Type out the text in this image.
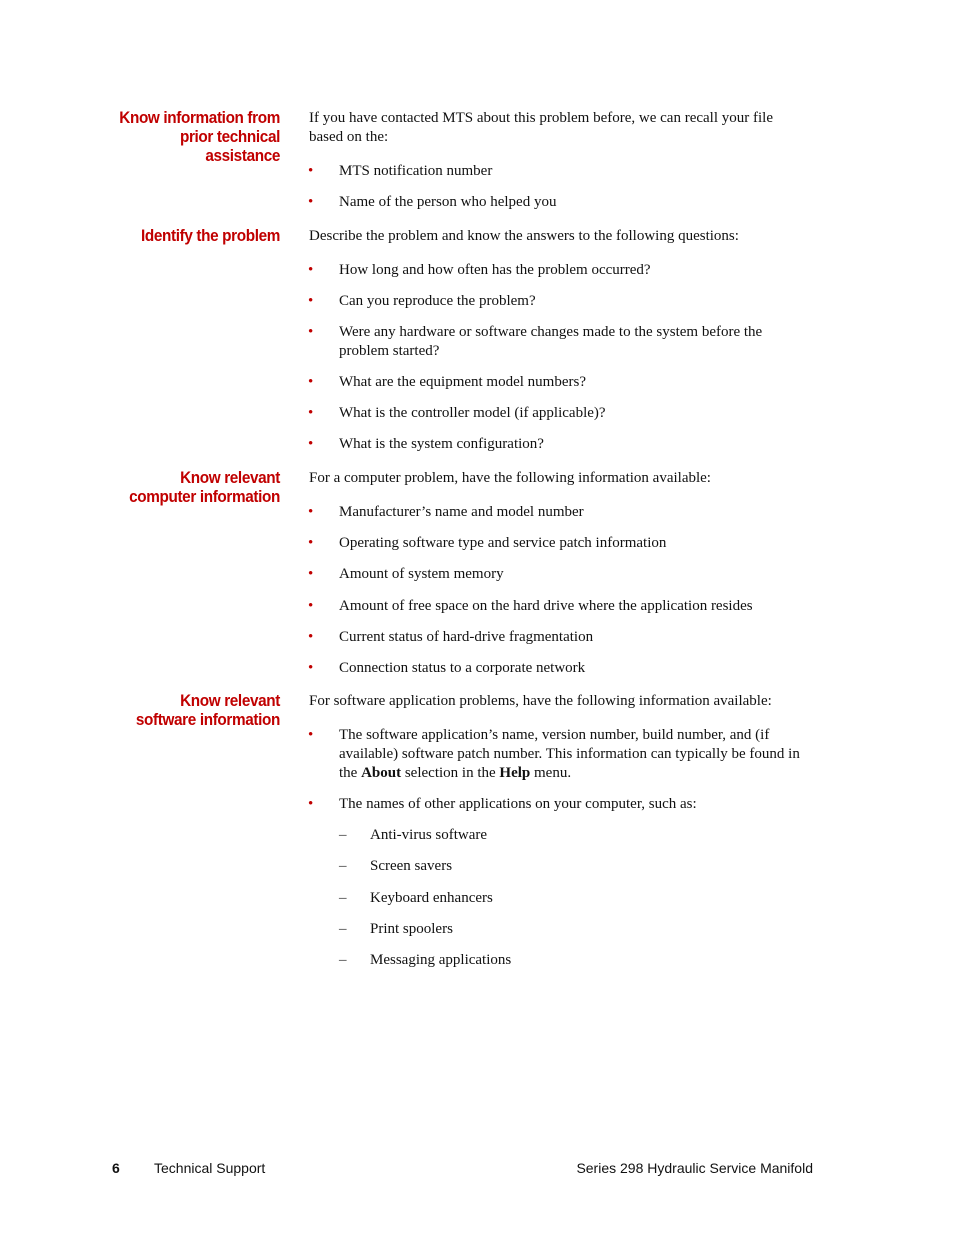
Know information from
prior technical
assistance
If you have contacted MTS about this problem before, we can recall your file based on the:
•	MTS notification number
•	Name of the person who helped you
Identify the problem Describe the problem and know the answers to the following questions:
•	How long and how often has the problem occurred?
•	Can you reproduce the problem?
•	Were any hardware or software changes made to the system before the problem started?
•	What are the equipment model numbers?
•	What is the controller model (if applicable)?
•	What is the system configuration?
Know relevant
computer information
For a computer problem, have the following information available:
•	Manufacturer’s name and model number
•	Operating software type and service patch information
•	Amount of system memory
•	Amount of free space on the hard drive where the application resides
•	Current status of hard-drive fragmentation
•	Connection status to a corporate network
Know relevant
software information
For software application problems, have the following information available:
•	The software application’s name, version number, build number, and (if available) software patch number. This information can typically be found in the About selection in the Help menu.
•	The names of other applications on your computer, such as:
–	Anti-virus software
–	Screen savers
–	Keyboard enhancers
–	Print spoolers
–	Messaging applications
6 Technical Support	Series 298 Hydraulic Service Manifold
